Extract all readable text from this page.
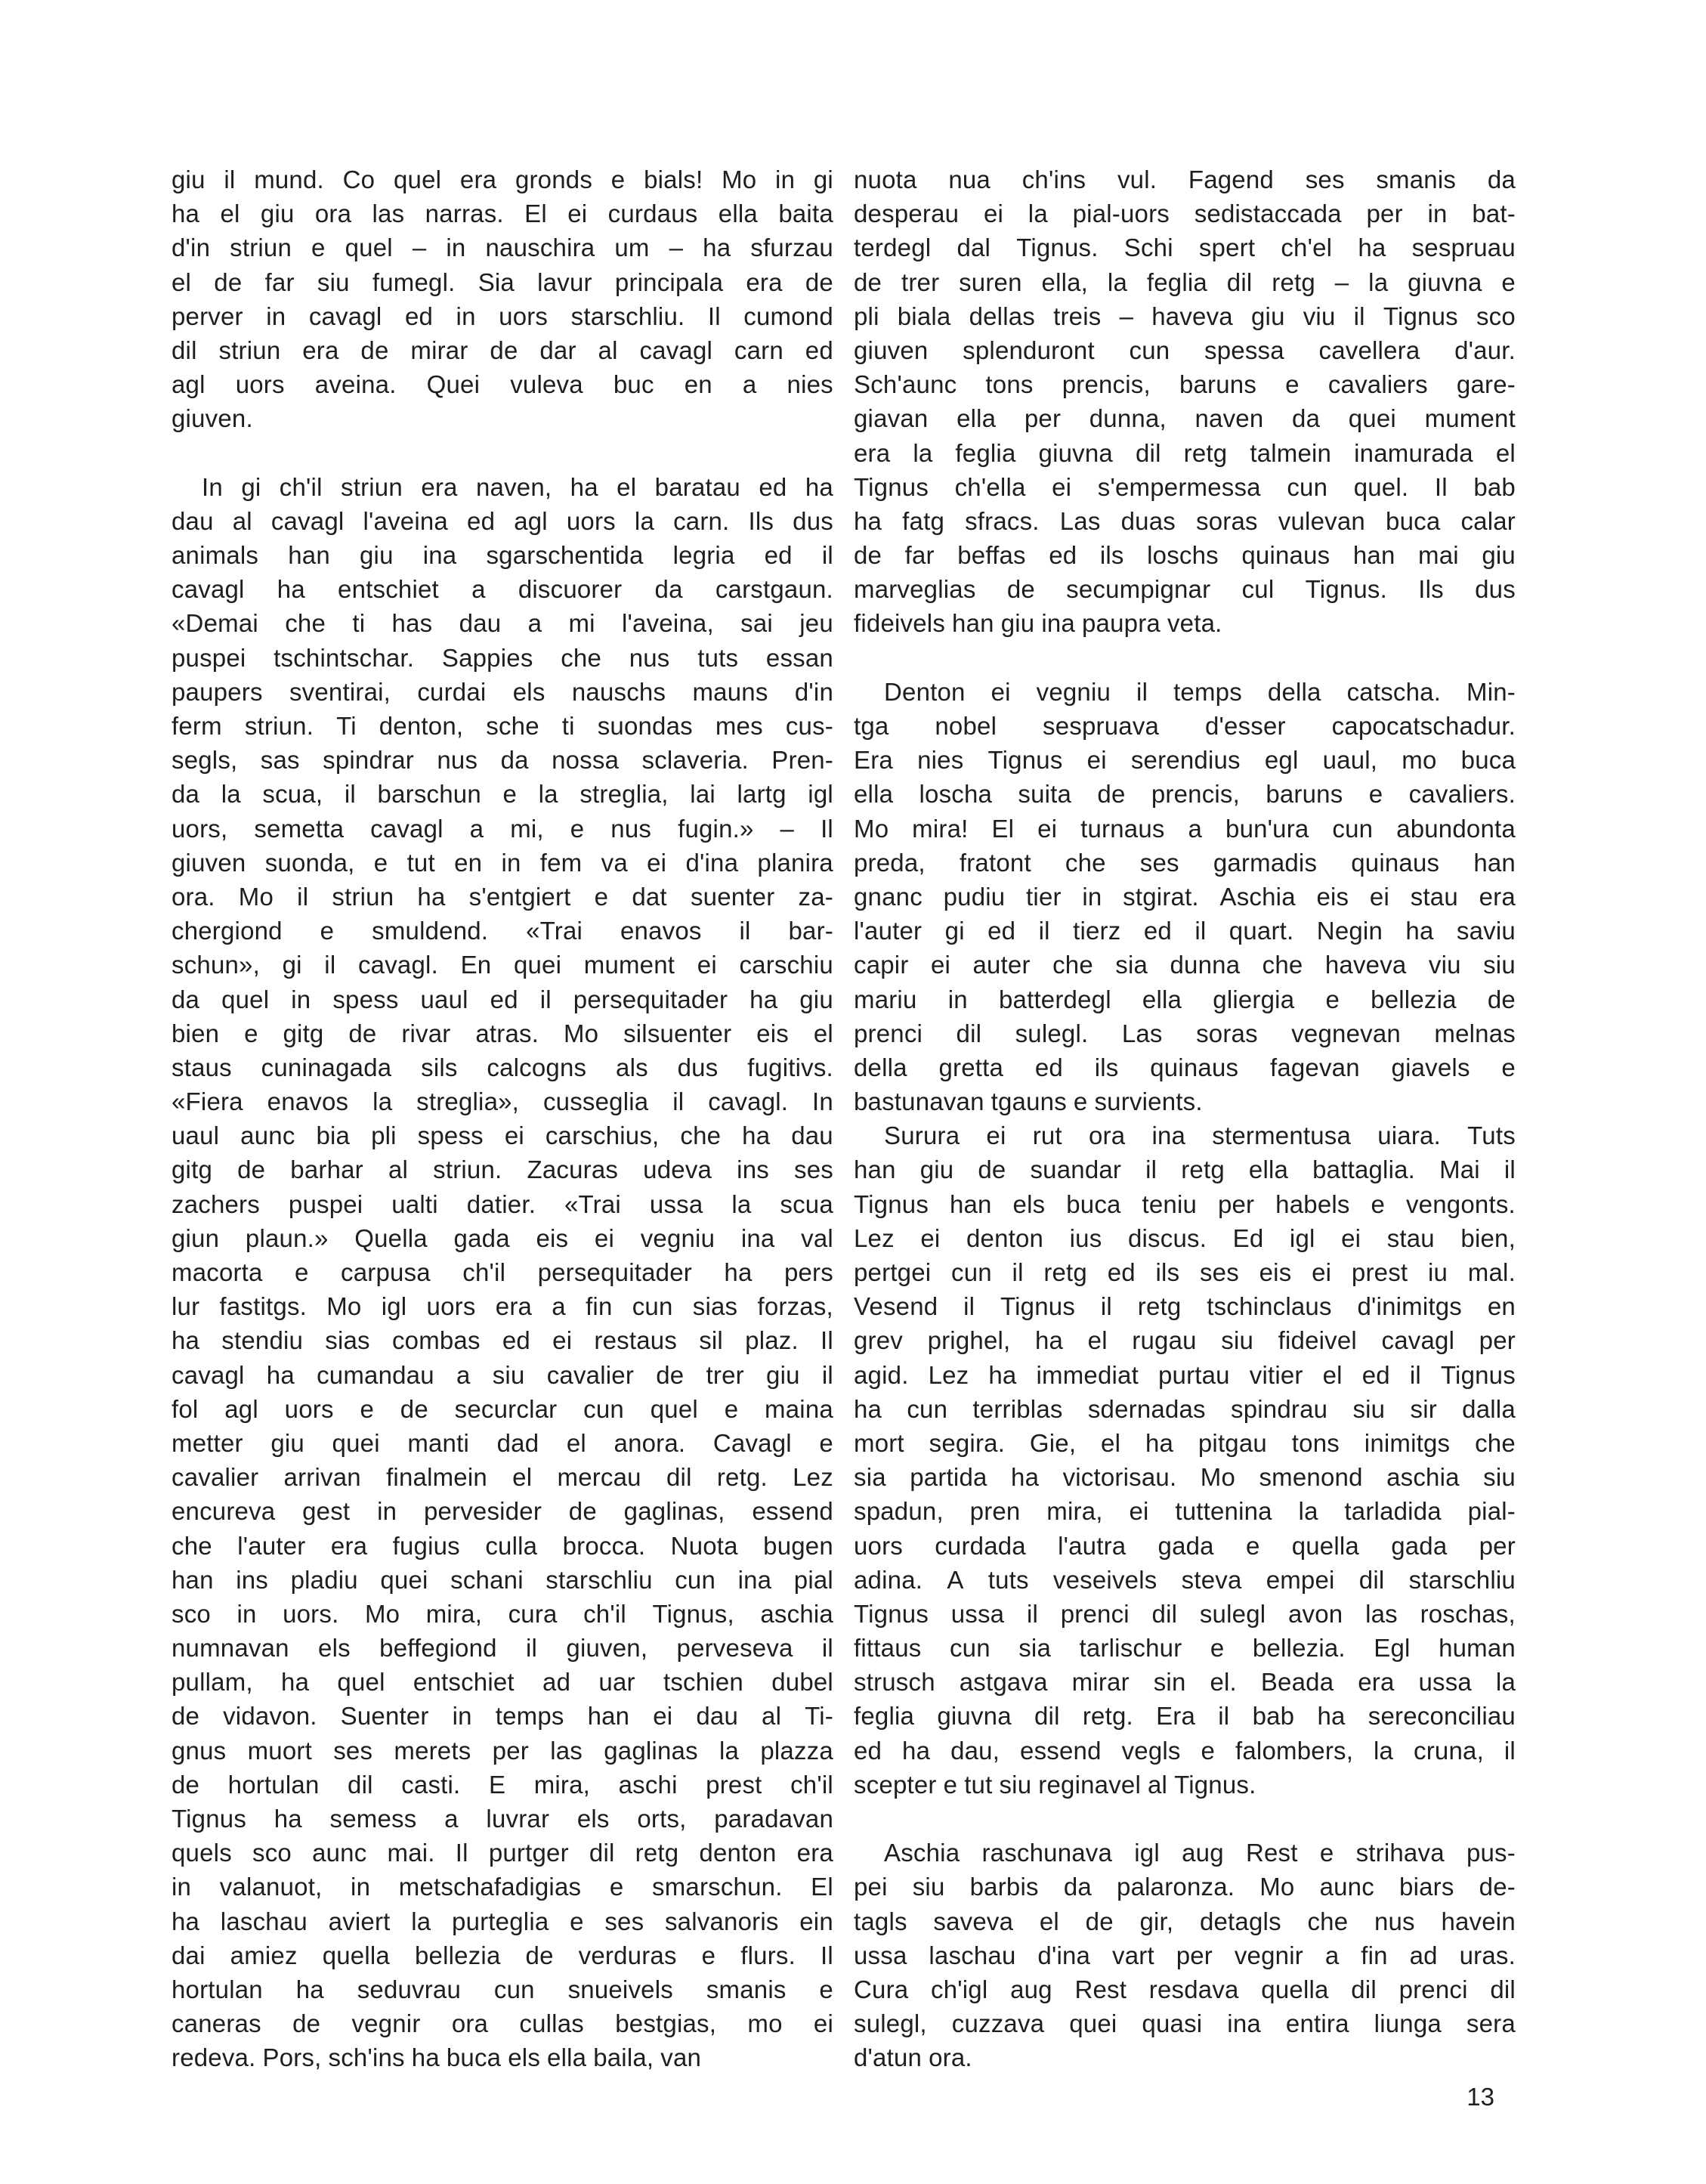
giu il mund. Co quel era gronds e bials! Mo in gi
ha el giu ora las narras. El ei curdaus ella baita
d'in striun e quel – in nauschira um – ha sfurzau
el de far siu fumegl. Sia lavur principala era de
perver in cavagl ed in uors starschliu. Il cumond
dil striun era de mirar de dar al cavagl carn ed
agl uors aveina. Quei vuleva buc en a nies
giuven.
In gi ch'il striun era naven, ha el baratau ed ha
dau al cavagl l'aveina ed agl uors la carn. Ils dus
animals han giu ina sgarschentida legria ed il
cavagl ha entschiet a discuorer da carstgaun.
«Demai che ti has dau a mi l'aveina, sai jeu
puspei tschintschar. Sappies che nus tuts essan
paupers sventirai, curdai els nauschs mauns d'in
ferm striun. Ti denton, sche ti suondas mes cus-
segls, sas spindrar nus da nossa sclaveria. Pren-
da la scua, il barschun e la streglia, lai lartg igl
uors, semetta cavagl a mi, e nus fugin.» – Il
giuven suonda, e tut en in fem va ei d'ina planira
ora. Mo il striun ha s'entgiert e dat suenter za-
chergiond e smuldend. «Trai enavos il bar-
schun», gi il cavagl. En quei mument ei carschiu
da quel in spess uaul ed il persequitader ha giu
bien e gitg de rivar atras. Mo silsuenter eis el
staus cuninagada sils calcogns als dus fugitivs.
«Fiera enavos la streglia», cusseglia il cavagl. In
uaul aunc bia pli spess ei carschius, che ha dau
gitg de barhar al striun. Zacuras udeva ins ses
zachers puspei ualti datier. «Trai ussa la scua
giun plaun.» Quella gada eis ei vegniu ina val
macorta e carpusa ch'il persequitader ha pers
lur fastitgs. Mo igl uors era a fin cun sias forzas,
ha stendiu sias combas ed ei restaus sil plaz. Il
cavagl ha cumandau a siu cavalier de trer giu il
fol agl uors e de securclar cun quel e maina
metter giu quei manti dad el anora. Cavagl e
cavalier arrivan finalmein el mercau dil retg. Lez
encureva gest in pervesider de gaglinas, essend
che l'auter era fugius culla brocca. Nuota bugen
han ins pladiu quei schani starschliu cun ina pial
sco in uors. Mo mira, cura ch'il Tignus, aschia
numnavan els beffegiond il giuven, perveseva il
pullam, ha quel entschiet ad uar tschien dubel
de vidavon. Suenter in temps han ei dau al Ti-
gnus muort ses merets per las gaglinas la plazza
de hortulan dil casti. E mira, aschi prest ch'il
Tignus ha semess a luvrar els orts, paradavan
quels sco aunc mai. Il purtger dil retg denton era
in valanuot, in metschafadigias e smarschun. El
ha laschau aviert la purteglia e ses salvanoris ein
dai amiez quella bellezia de verduras e flurs. Il
hortulan ha seduvrau cun snueivels smanis e
caneras de vegnir ora cullas bestgias, mo ei
redeva. Pors, sch'ins ha buca els ella baila, van
nuota nua ch'ins vul. Fagend ses smanis da
desperau ei la pial-uors sedistaccada per in bat-
terdegl dal Tignus. Schi spert ch'el ha sespruau
de trer suren ella, la feglia dil retg – la giuvna e
pli biala dellas treis – haveva giu viu il Tignus sco
giuven splenduront cun spessa cavellera d'aur.
Sch'aunc tons prencis, baruns e cavaliers gare-
giavan ella per dunna, naven da quei mument
era la feglia giuvna dil retg talmein inamurada el
Tignus ch'ella ei s'empermessa cun quel. Il bab
ha fatg sfracs. Las duas soras vulevan buca calar
de far beffas ed ils loschs quinaus han mai giu
marveglias de secumpignar cul Tignus. Ils dus
fideivels han giu ina paupra veta.
Denton ei vegniu il temps della catscha. Min-
tga nobel sespruava d'esser capocatschadur.
Era nies Tignus ei serendius egl uaul, mo buca
ella loscha suita de prencis, baruns e cavaliers.
Mo mira! El ei turnaus a bun'ura cun abundonta
preda, fratont che ses garmadis quinaus han
gnanc pudiu tier in stgirat. Aschia eis ei stau era
l'auter gi ed il tierz ed il quart. Negin ha saviu
capir ei auter che sia dunna che haveva viu siu
mariu in batterdegl ella gliergia e bellezia de
prenci dil sulegl. Las soras vegnevan melnas
della gretta ed ils quinaus fagevan giavels e
bastunavan tgauns e survients.
Surura ei rut ora ina stermentusa uiara. Tuts
han giu de suandar il retg ella battaglia. Mai il
Tignus han els buca teniu per habels e vengonts.
Lez ei denton ius discus. Ed igl ei stau bien,
pertgei cun il retg ed ils ses eis ei prest iu mal.
Vesend il Tignus il retg tschinclaus d'inimitgs en
grev prighel, ha el rugau siu fideivel cavagl per
agid. Lez ha immediat purtau vitier el ed il Tignus
ha cun terriblas sdernadas spindrau siu sir dalla
mort segira. Gie, el ha pitgau tons inimitgs che
sia partida ha victorisau. Mo smenond aschia siu
spadun, pren mira, ei tuttenina la tarladida pial-
uors curdada l'autra gada e quella gada per
adina. A tuts veseivels steva empei dil starschliu
Tignus ussa il prenci dil sulegl avon las roschas,
fittaus cun sia tarlischur e bellezia. Egl human
strusch astgava mirar sin el. Beada era ussa la
feglia giuvna dil retg. Era il bab ha sereconciliau
ed ha dau, essend vegls e falombers, la cruna, il
scepter e tut siu reginavel al Tignus.
Aschia raschunava igl aug Rest e strihava pus-
pei siu barbis da palaronza. Mo aunc biars de-
tagls saveva el de gir, detagls che nus havein
ussa laschau d'ina vart per vegnir a fin ad uras.
Cura ch'igl aug Rest resdava quella dil prenci dil
sulegl, cuzzava quei quasi ina entira liunga sera
d'atun ora.
13
